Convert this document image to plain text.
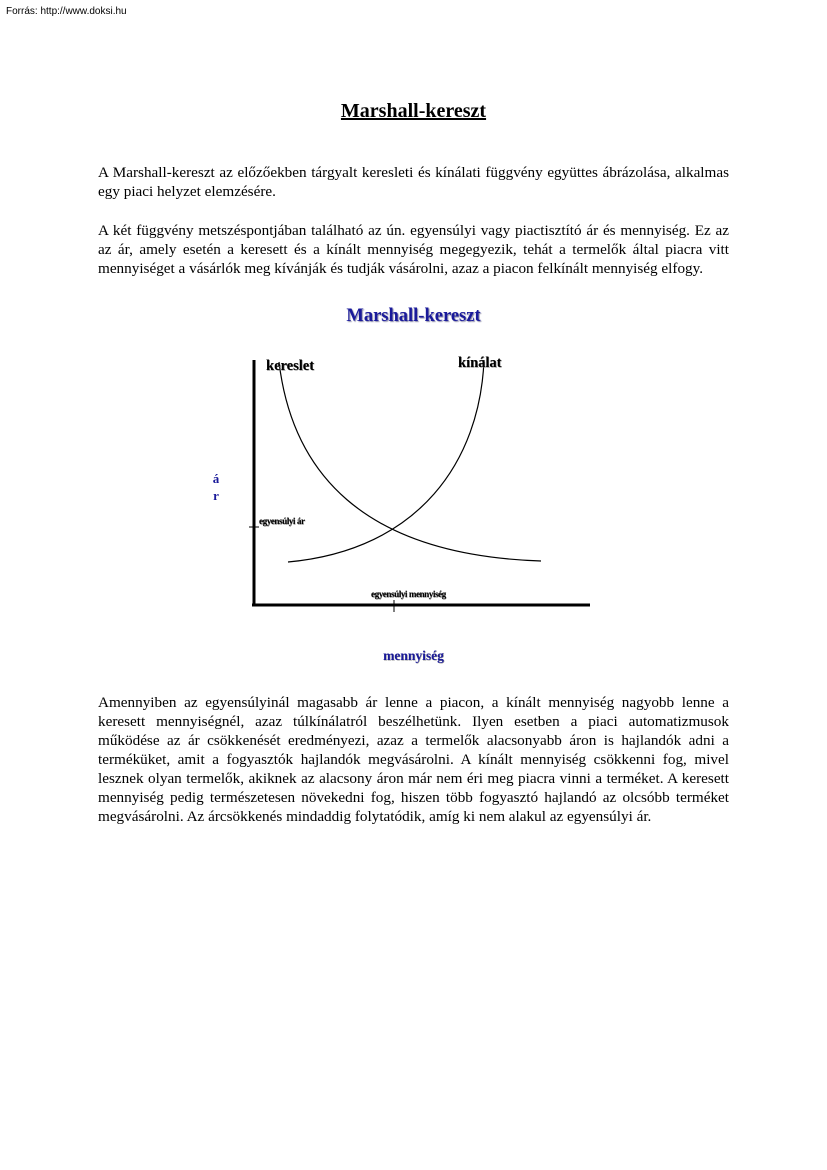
Forrás: http://www.doksi.hu
Marshall-kereszt

A Marshall-kereszt az előzőekben tárgyalt keresleti és kínálati függvény együttes ábrázolása, alkalmas egy piaci helyzet elemzésére.

A két függvény metszéspontjában található az ún. egyensúlyi vagy piactisztító ár és mennyiség. Ez az az ár, amely esetén a keresett és a kínált mennyiség megegyezik, tehát a termelők által piacra vitt mennyiséget a vásárlók meg kívánják és tudják vásárolni, azaz a piacon felkínált mennyiség elfogy.

Marshall-kereszt
kereslet	kínálat
á
r
egyensúlyi ár
egyensúlyi mennyiség
mennyiség

Amennyiben az egyensúlyinál magasabb ár lenne a piacon, a kínált mennyiség nagyobb lenne a keresett mennyiségnél, azaz túlkínálatról beszélhetünk. Ilyen esetben a piaci automatizmusok működése az ár csökkenését eredményezi, azaz a termelők alacsonyabb áron is hajlandók adni a terméküket, amit a fogyasztók hajlandók megvásárolni. A kínált mennyiség csökkenni fog, mivel lesznek olyan termelők, akiknek az alacsony áron már nem éri meg piacra vinni a terméket. A keresett mennyiség pedig természetesen növekedni fog, hiszen több fogyasztó hajlandó az olcsóbb terméket megvásárolni. Az árcsökkenés mindaddig folytatódik, amíg ki nem alakul az egyensúlyi ár.
